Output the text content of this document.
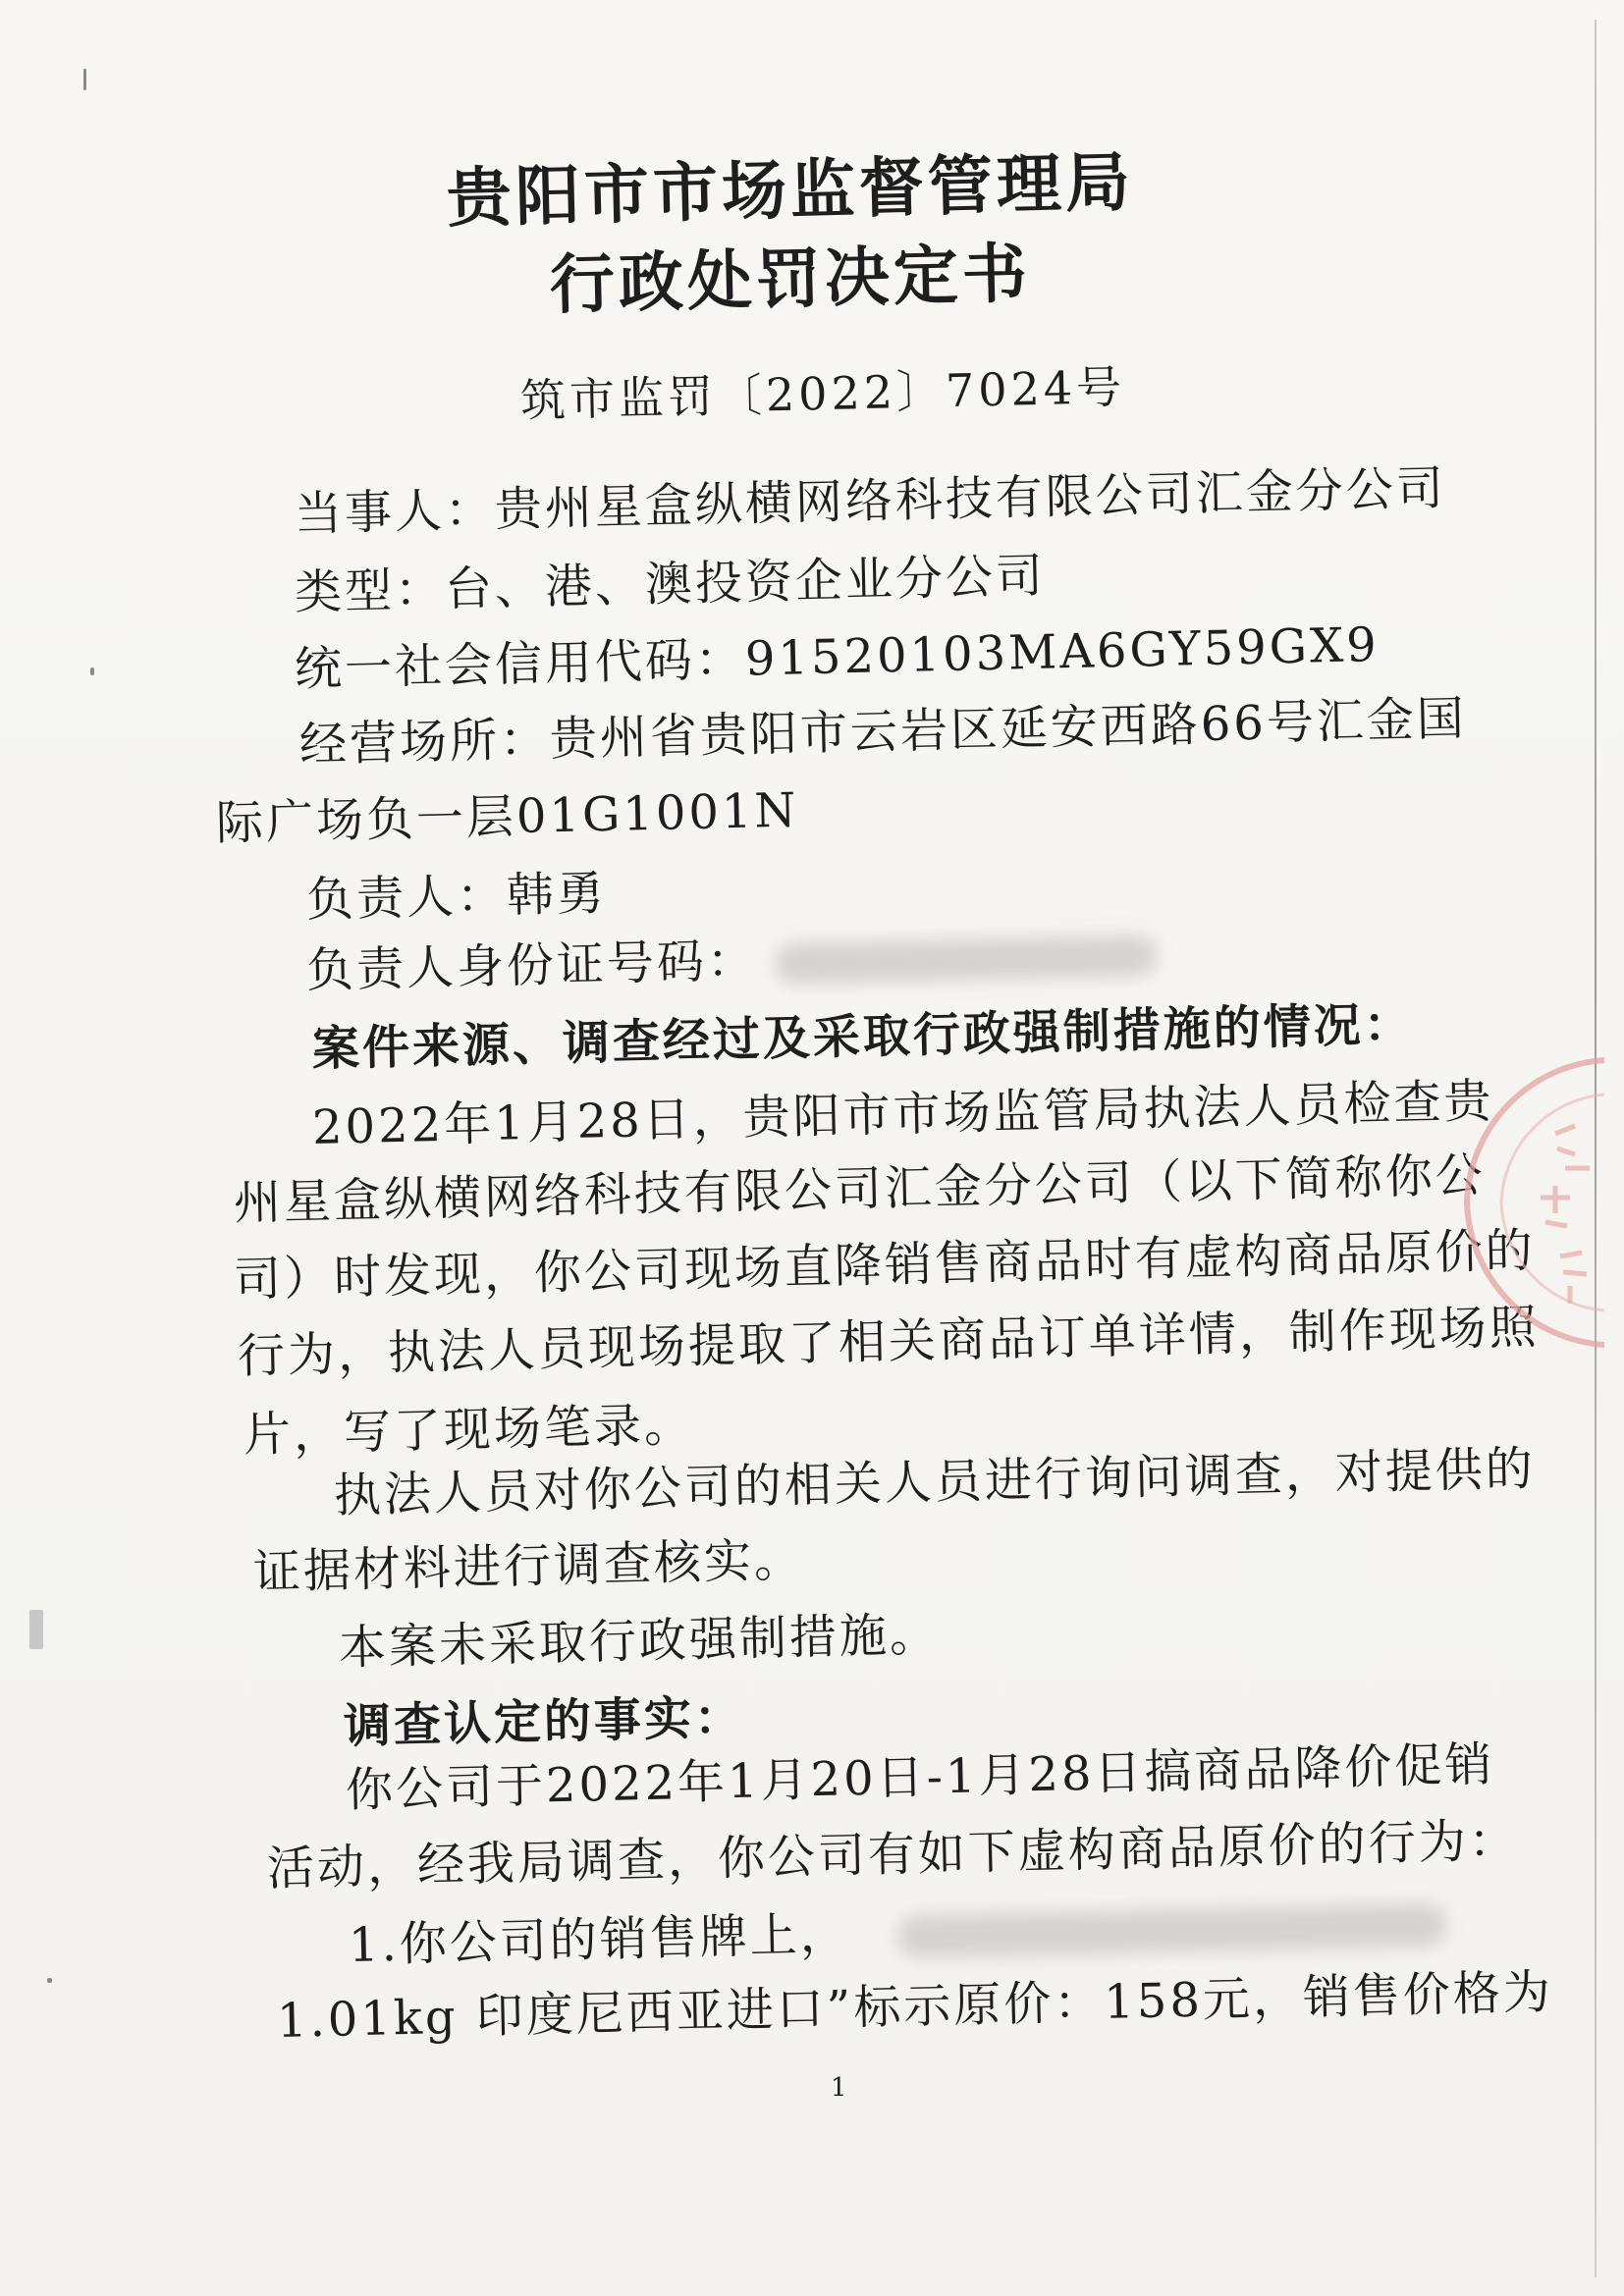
贵阳市市场监督管理局
行政处罚决定书
筑市监罚〔2022〕7024号
当事人：贵州星盒纵横网络科技有限公司汇金分公司
类型：台、港、澳投资企业分公司
统一社会信用代码：91520103MA6GY59GX9
经营场所：贵州省贵阳市云岩区延安西路66号汇金国
际广场负一层01G1001N
负责人：韩勇
负责人身份证号码：
案件来源、调查经过及采取行政强制措施的情况：
2022年1月28日，贵阳市市场监管局执法人员检查贵
州星盒纵横网络科技有限公司汇金分公司（以下简称你公
司）时发现，你公司现场直降销售商品时有虚构商品原价的
行为，执法人员现场提取了相关商品订单详情，制作现场照
片，写了现场笔录。
执法人员对你公司的相关人员进行询问调查，对提供的
证据材料进行调查核实。
本案未采取行政强制措施。
调查认定的事实：
你公司于2022年1月20日-1月28日搞商品降价促销
活动，经我局调查，你公司有如下虚构商品原价的行为：
1.你公司的销售牌上，
1.01kg 印度尼西亚进口”标示原价：158元，销售价格为
1
